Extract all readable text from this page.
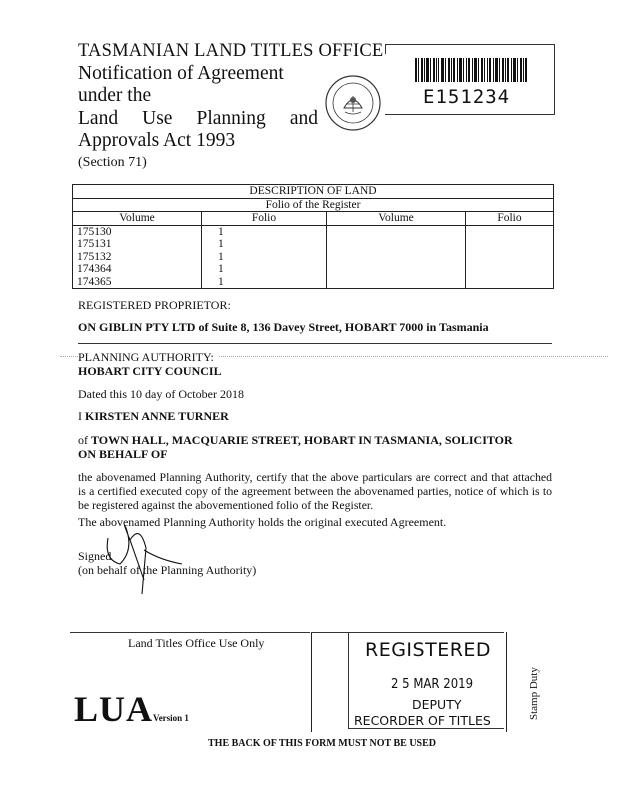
TASMANIAN LAND TITLES OFFICE
Notification of Agreement
under the
Land Use Planning and
Approvals Act 1993
(Section 71)
E151234
DESCRIPTION OF LAND			
Folio of the Register			
Volume	Folio	Volume	Folio
175130	1		
175131	1		
175132	1		
174364	1		
174365	1		
REGISTERED PROPRIETOR:
ON GIBLIN PTY LTD of Suite 8, 136 Davey Street, HOBART 7000 in Tasmania
PLANNING AUTHORITY:
HOBART CITY COUNCIL
Dated this 10 day of October 2018
I KIRSTEN ANNE TURNER
of TOWN HALL, MACQUARIE STREET, HOBART IN TASMANIA, SOLICITOR ON BEHALF OF
the abovenamed Planning Authority, certify that the above particulars are correct and that attached is a certified executed copy of the agreement between the abovenamed parties, notice of which is to be registered against the abovementioned folio of the Register.
The abovenamed Planning Authority holds the original executed Agreement.
Signed
(on behalf of the Planning Authority)
Land Titles Office Use Only
LUAVersion 1
REGISTERED
2 5 MAR 2019
DEPUTY
RECORDER OF TITLES
Stamp Duty
THE BACK OF THIS FORM MUST NOT BE USED
